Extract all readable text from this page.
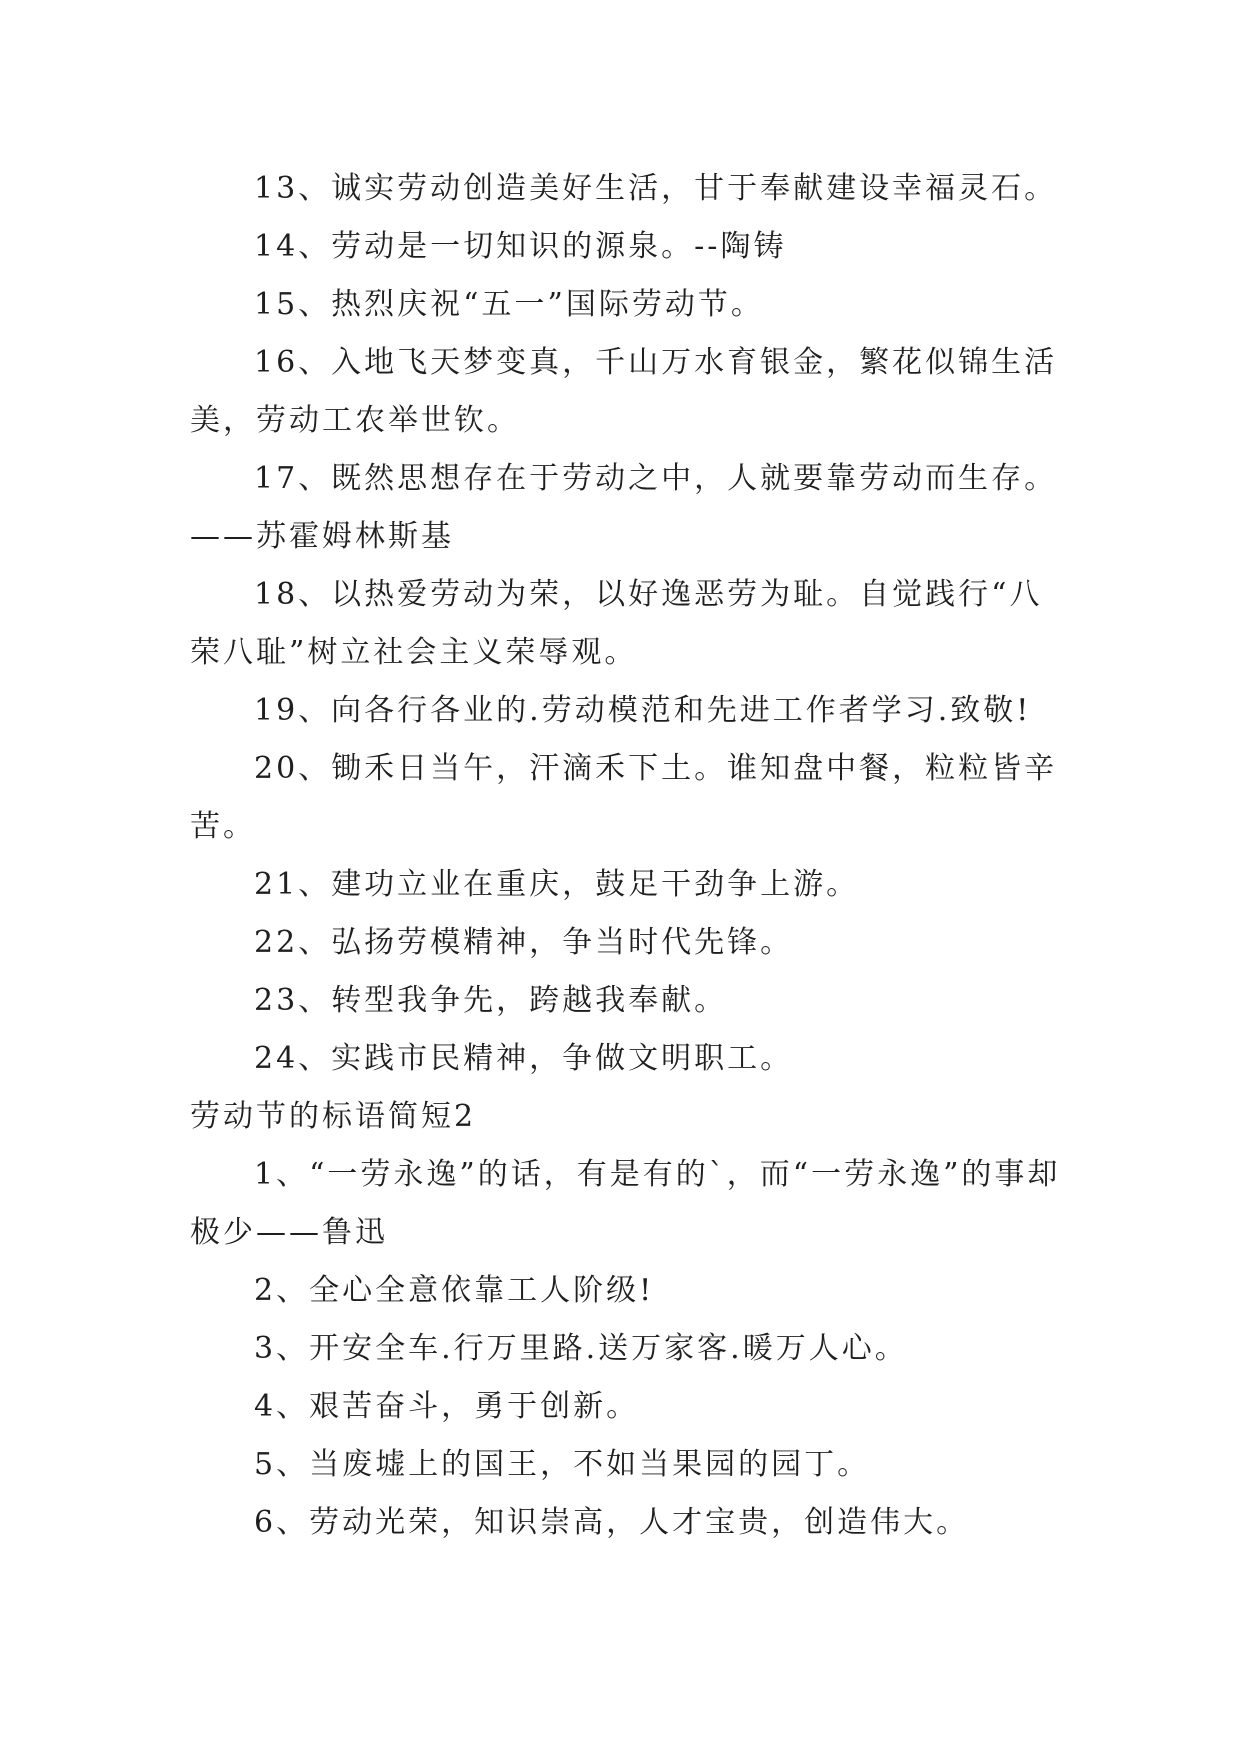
13、诚实劳动创造美好生活，甘于奉献建设幸福灵石。

14、劳动是一切知识的源泉。--陶铸

15、热烈庆祝“五一”国际劳动节。

16、入地飞天梦变真，千山万水育银金，繁花似锦生活美，劳动工农举世钦。

17、既然思想存在于劳动之中，人就要靠劳动而生存。——苏霍姆林斯基

18、以热爱劳动为荣，以好逸恶劳为耻。自觉践行“八荣八耻”树立社会主义荣辱观。

19、向各行各业的.劳动模范和先进工作者学习.致敬!

20、锄禾日当午，汗滴禾下土。谁知盘中餐，粒粒皆辛苦。

21、建功立业在重庆，鼓足干劲争上游。

22、弘扬劳模精神，争当时代先锋。

23、转型我争先，跨越我奉献。

24、实践市民精神，争做文明职工。

劳动节的标语简短2

1、“一劳永逸”的话，有是有的`，而“一劳永逸”的事却极少——鲁迅

2、全心全意依靠工人阶级!

3、开安全车.行万里路.送万家客.暖万人心。

4、艰苦奋斗，勇于创新。

5、当废墟上的国王，不如当果园的园丁。

6、劳动光荣，知识崇高，人才宝贵，创造伟大。
